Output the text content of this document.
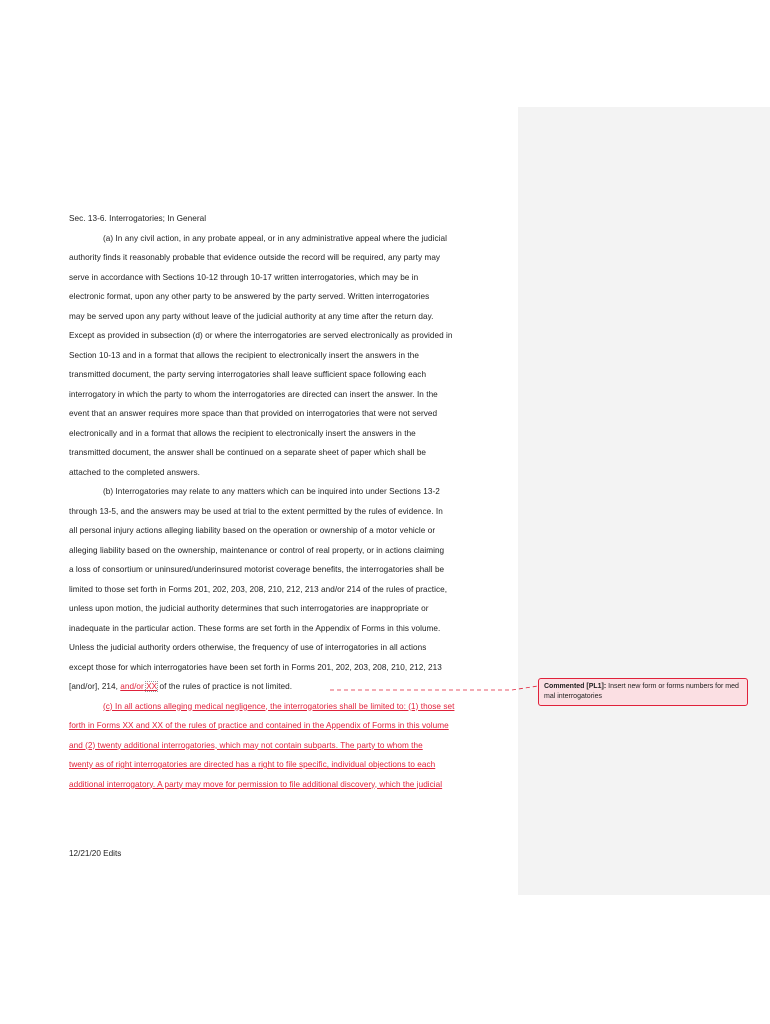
Sec. 13-6. Interrogatories; In General
(a) In any civil action, in any probate appeal, or in any administrative appeal where the judicial
authority finds it reasonably probable that evidence outside the record will be required, any party may
serve in accordance with Sections 10-12 through 10-17 written interrogatories, which may be in
electronic format, upon any other party to be answered by the party served. Written interrogatories
may be served upon any party without leave of the judicial authority at any time after the return day.
Except as provided in subsection (d) or where the interrogatories are served electronically as provided in
Section 10-13 and in a format that allows the recipient to electronically insert the answers in the
transmitted document, the party serving interrogatories shall leave sufficient space following each
interrogatory in which the party to whom the interrogatories are directed can insert the answer. In the
event that an answer requires more space than that provided on interrogatories that were not served
electronically and in a format that allows the recipient to electronically insert the answers in the
transmitted document, the answer shall be continued on a separate sheet of paper which shall be
attached to the completed answers.
(b) Interrogatories may relate to any matters which can be inquired into under Sections 13-2
through 13-5, and the answers may be used at trial to the extent permitted by the rules of evidence. In
all personal injury actions alleging liability based on the operation or ownership of a motor vehicle or
alleging liability based on the ownership, maintenance or control of real property, or in actions claiming
a loss of consortium or uninsured/underinsured motorist coverage benefits, the interrogatories shall be
limited to those set forth in Forms 201, 202, 203, 208, 210, 212, 213 and/or 214 of the rules of practice,
unless upon motion, the judicial authority determines that such interrogatories are inappropriate or
inadequate in the particular action. These forms are set forth in the Appendix of Forms in this volume.
Unless the judicial authority orders otherwise, the frequency of use of interrogatories in all actions
except those for which interrogatories have been set forth in Forms 201, 202, 203, 208, 210, 212, 213
[and/or], 214, and/or XX of the rules of practice is not limited.
(c) In all actions alleging medical negligence, the interrogatories shall be limited to: (1) those set
forth in Forms XX and XX of the rules of practice and contained in the Appendix of Forms in this volume
and (2) twenty additional interrogatories, which may not contain subparts. The party to whom the
twenty as of right interrogatories are directed has a right to file specific, individual objections to each
additional interrogatory. A party may move for permission to file additional discovery, which the judicial
12/21/20 Edits
Commented [PL1]: Insert new form or forms numbers for med mal interrogatories
